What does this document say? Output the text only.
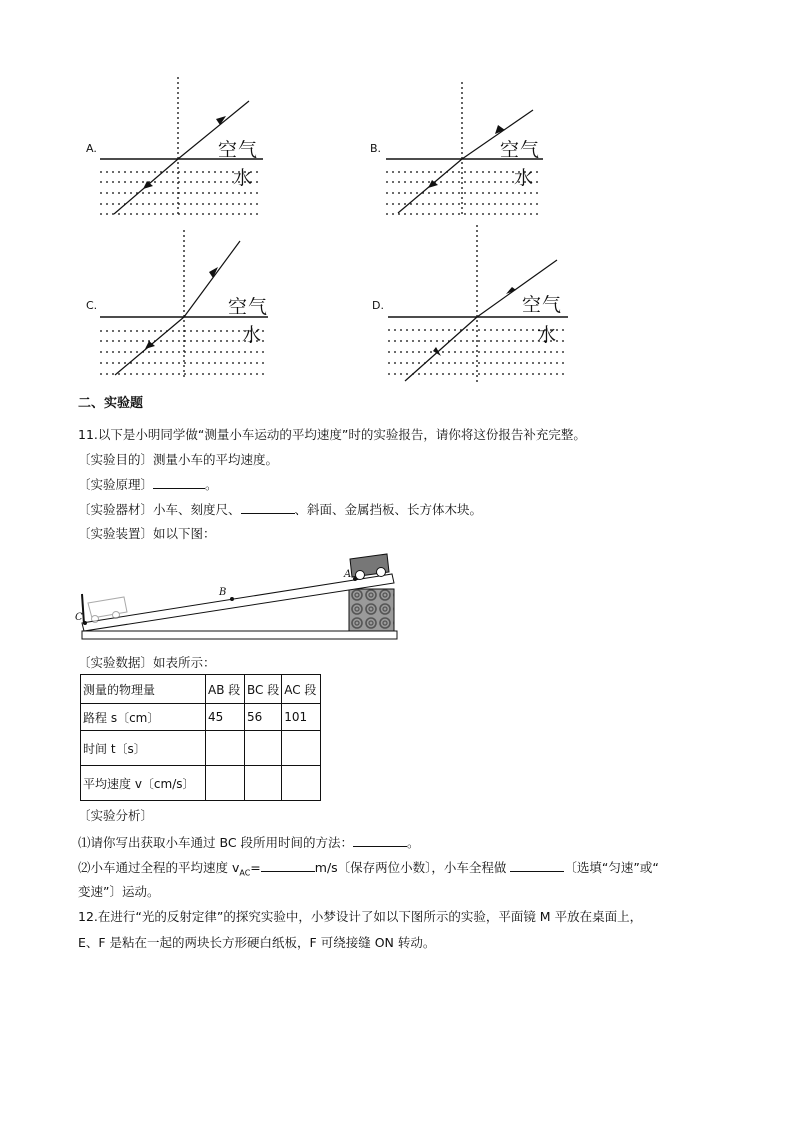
A.	空气
水
B.	空气
水
C.	空气
水
D.	空气
水
二、实验题
11.以下是小明同学做“测量小车运动的平均速度”时的实验报告，请你将这份报告补充完整。
〔实验目的〕测量小车的平均速度。
〔实验原理〕	。
〔实验器材〕小车、刻度尺、	、斜面、金属挡板、长方体木块。
〔实验装置〕如以下图：
A
B
C
〔实验数据〕如表所示：
测量的物理量	AB 段	BC 段	AC 段
路程 s〔cm〕	45	56	101
时间 t〔s〕			
平均速度 v〔cm/s〕			
〔实验分析〕
⑴请你写出获取小车通过 BC 段所用时间的方法：	。
⑵小车通过全程的平均速度 $v_{AC}=$	m/s〔保存两位小数〕，小车全程做	〔选填“匀速”或“
变速”〕运动。
12.在进行“光的反射定律”的探究实验中，小梦设计了如以下图所示的实验，平面镜 M 平放在桌面上，
E、F 是粘在一起的两块长方形硬白纸板，F 可绕接缝 ON 转动。
